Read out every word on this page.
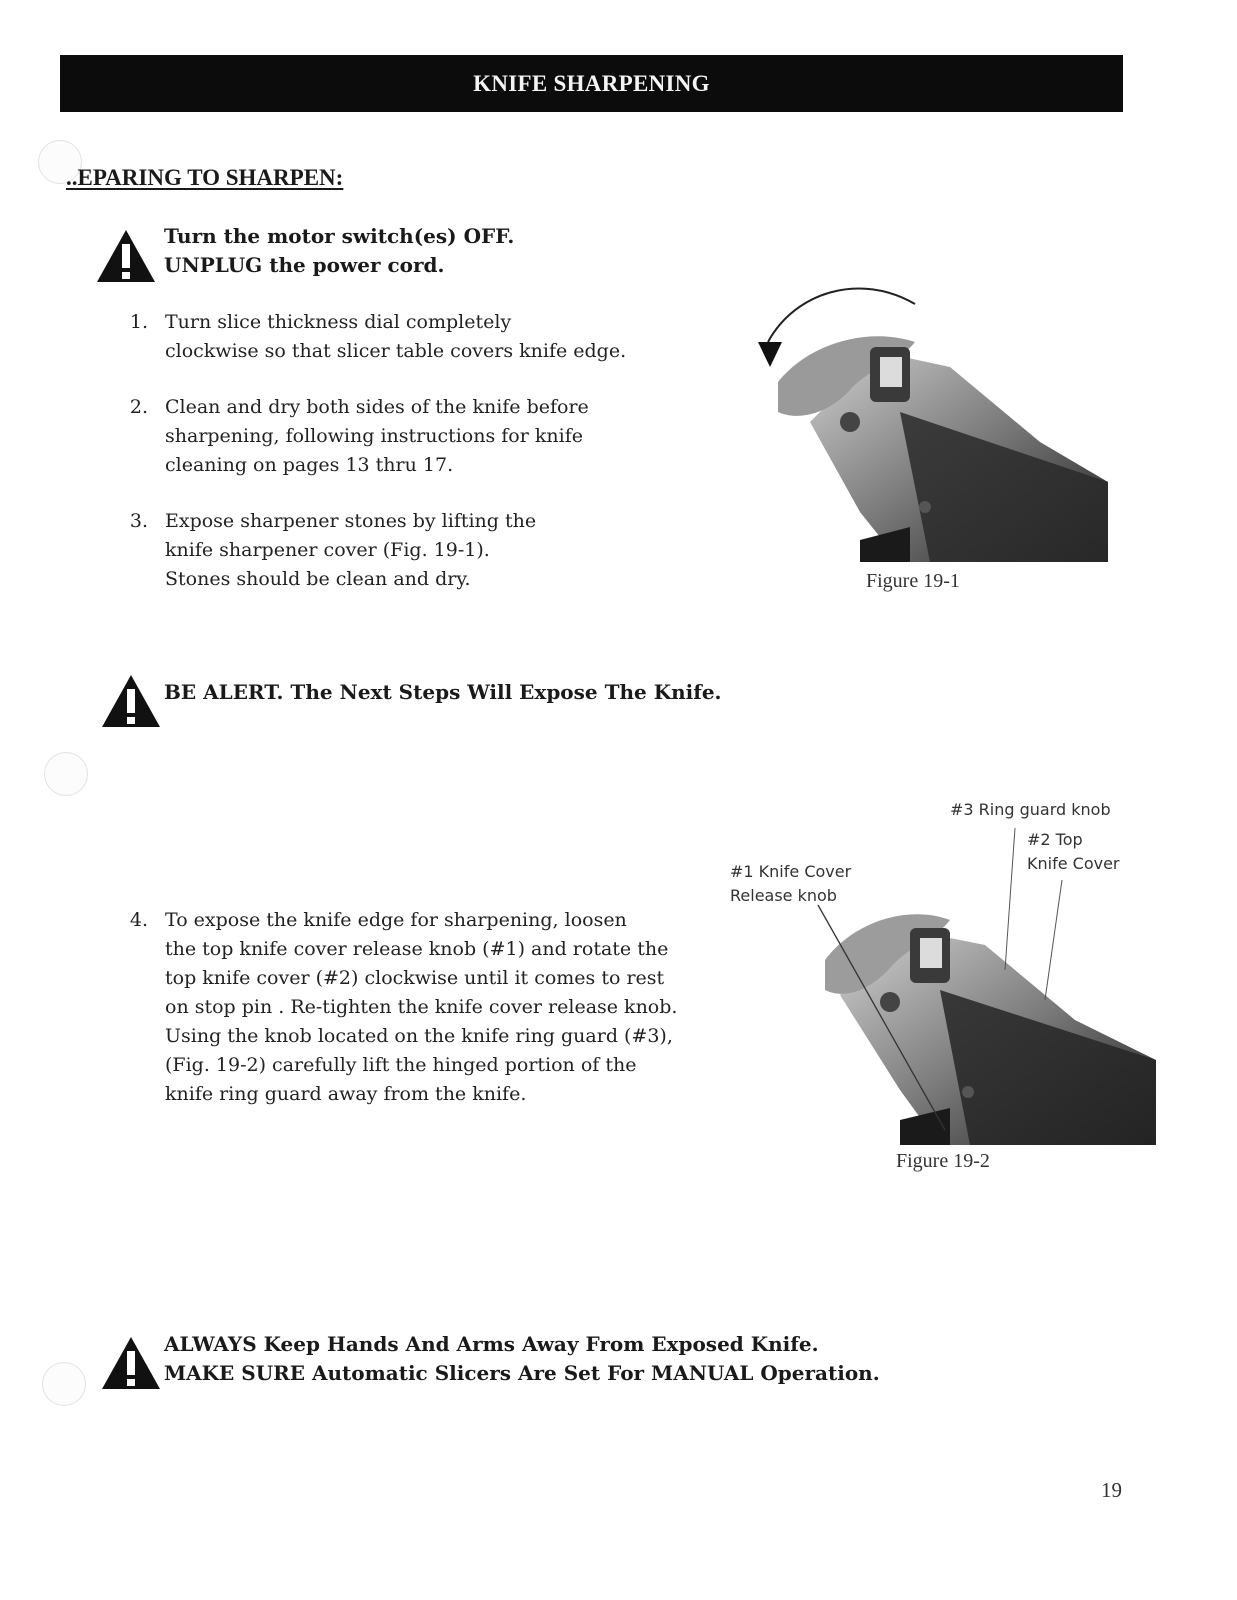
KNIFE SHARPENING
..EPARING TO SHARPEN:
Turn the motor switch(es) OFF.
UNPLUG the power cord.
1. Turn slice thickness dial completely
clockwise so that slicer table covers knife edge.
2. Clean and dry both sides of the knife before
sharpening, following instructions for knife
cleaning on pages 13 thru 17.
3. Expose sharpener stones by lifting the
knife sharpener cover (Fig. 19-1).
Stones should be clean and dry.	Figure 19-1
BE ALERT. The Next Steps Will Expose The Knife.
#3 Ring guard knob
#2 Top
Knife Cover
#1 Knife Cover
Release knob
4. To expose the knife edge for sharpening, loosen
the top knife cover release knob (#1) and rotate the
top knife cover (#2) clockwise until it comes to rest
on stop pin . Re-tighten the knife cover release knob.
Using the knob located on the knife ring guard (#3),
(Fig. 19-2) carefully lift the hinged portion of the
knife ring guard away from the knife.
Figure 19-2
ALWAYS Keep Hands And Arms Away From Exposed Knife.
MAKE SURE Automatic Slicers Are Set For MANUAL Operation.
19
